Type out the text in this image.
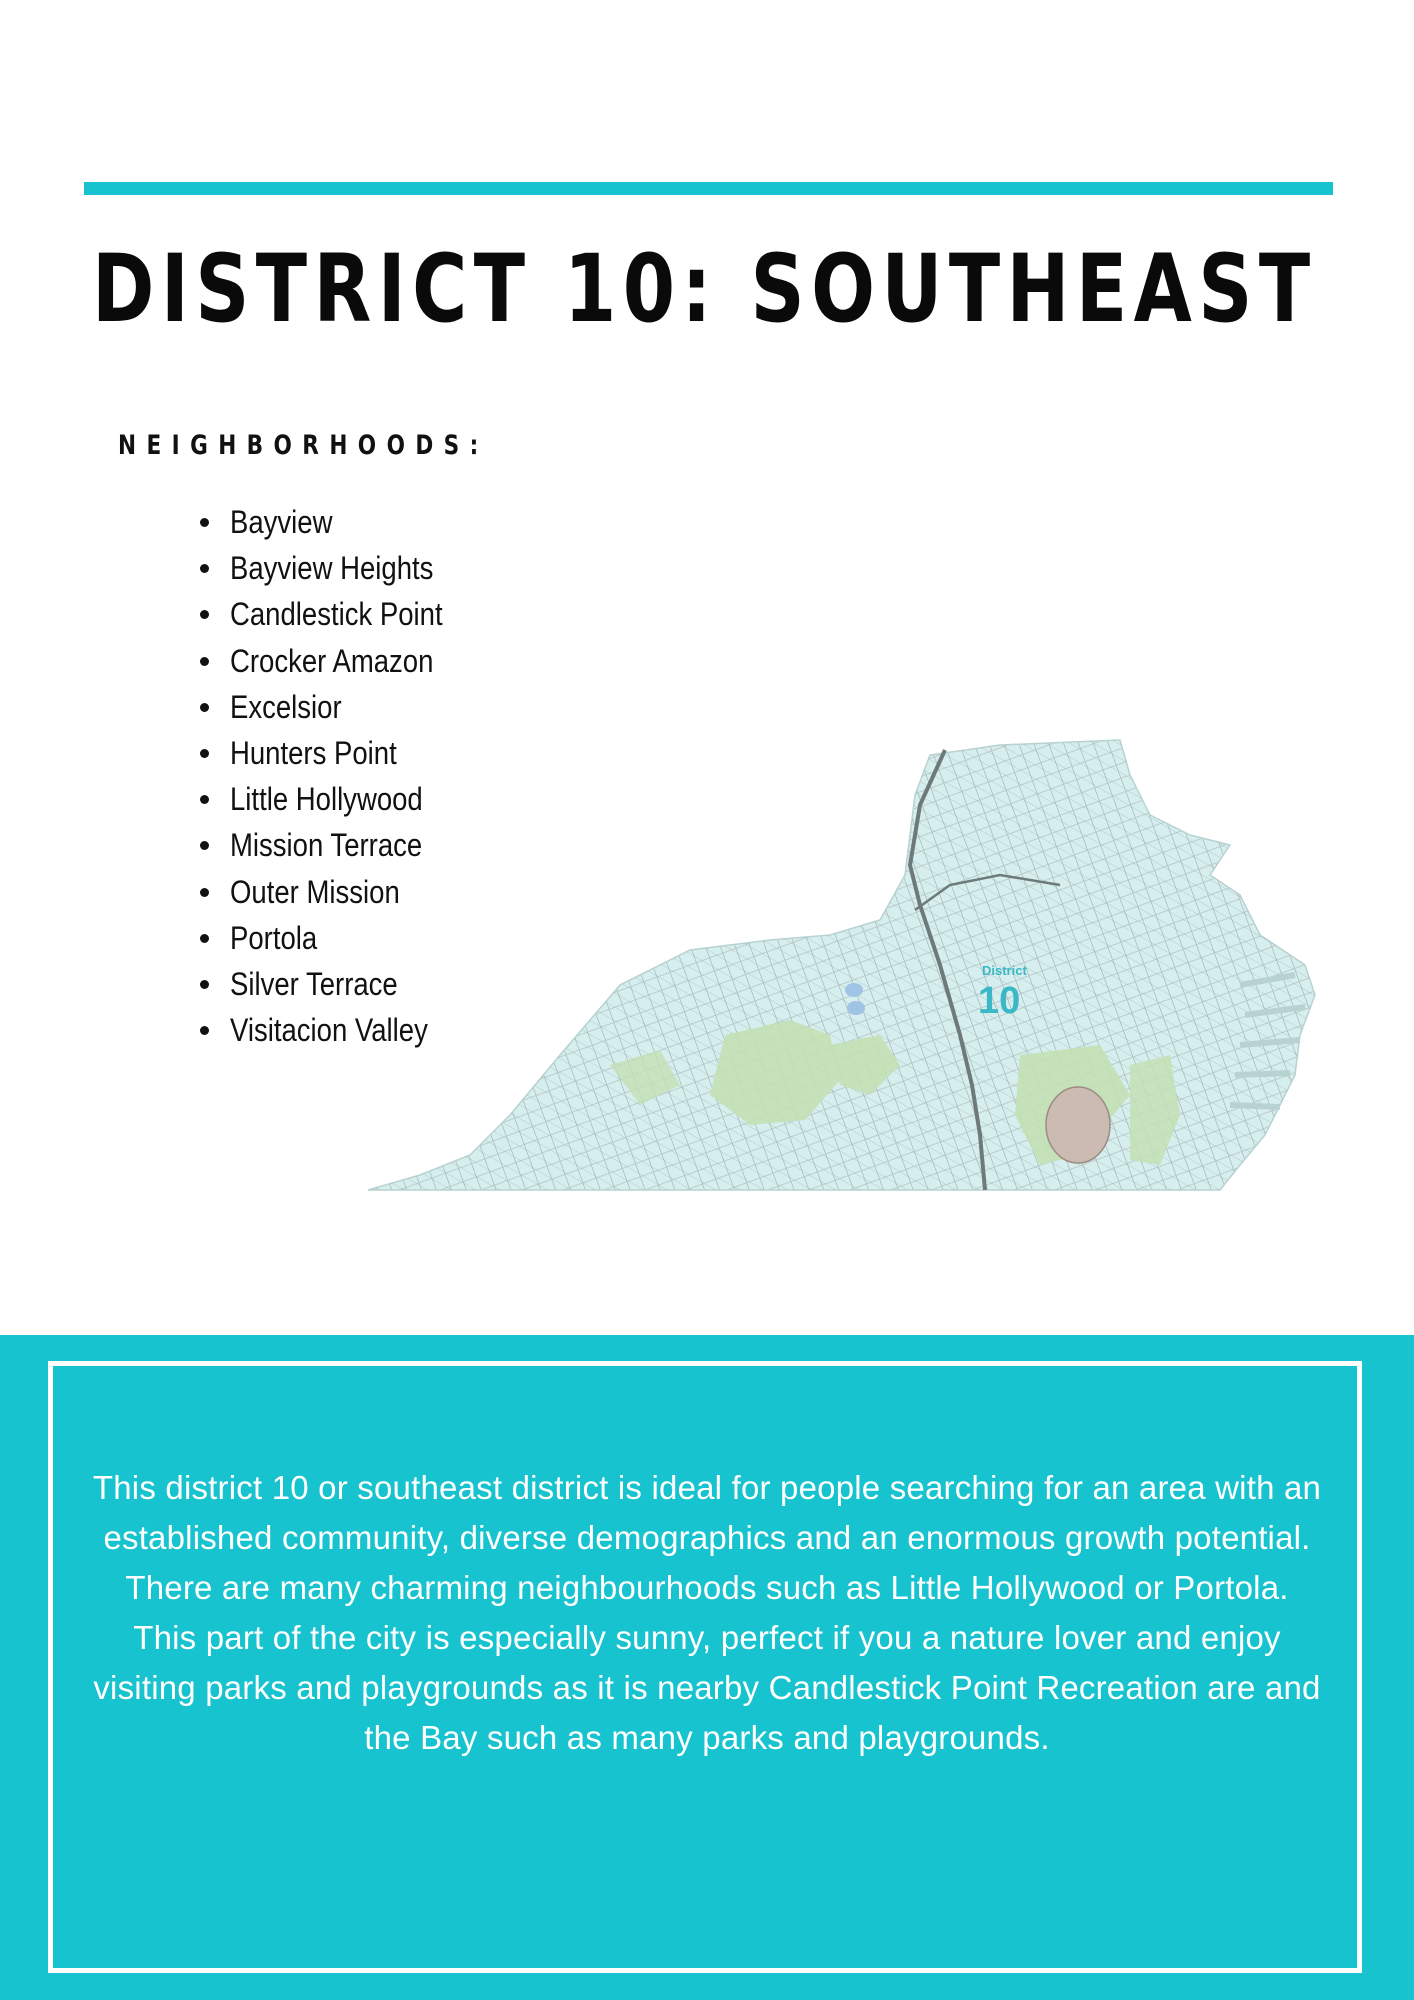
DISTRICT 10: SOUTHEAST
NEIGHBORHOODS:
Bayview
Bayview Heights
Candlestick Point
Crocker Amazon
Excelsior
Hunters Point
Little Hollywood
Mission Terrace
Outer Mission
Portola
Silver Terrace
Visitacion Valley
District
10

This district 10 or southeast district is ideal for people searching for an area with an established community, diverse demographics and an enormous growth potential. There are many charming neighbourhoods such as Little Hollywood or Portola. This part of the city is especially sunny, perfect if you a nature lover and enjoy visiting parks and playgrounds as it is nearby Candlestick Point Recreation are and the Bay such as many parks and playgrounds.
